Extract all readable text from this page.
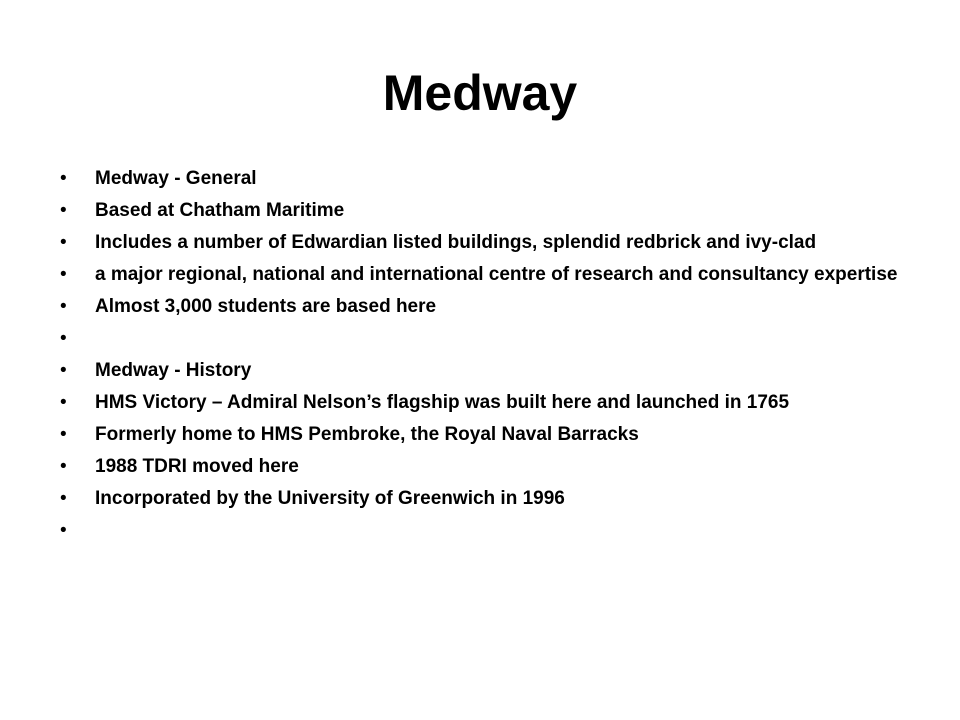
Medway
• Medway - General
• Based at Chatham Maritime
• Includes a number of Edwardian listed buildings, splendid redbrick and ivy-clad
• a major regional, national and international centre of research and consultancy expertise
• Almost 3,000 students are based here
•
• Medway - History
• HMS Victory – Admiral Nelson’s flagship was built here and launched in 1765
• Formerly home to HMS Pembroke, the Royal Naval Barracks
• 1988 TDRI moved here
• Incorporated by the University of Greenwich in 1996
•
